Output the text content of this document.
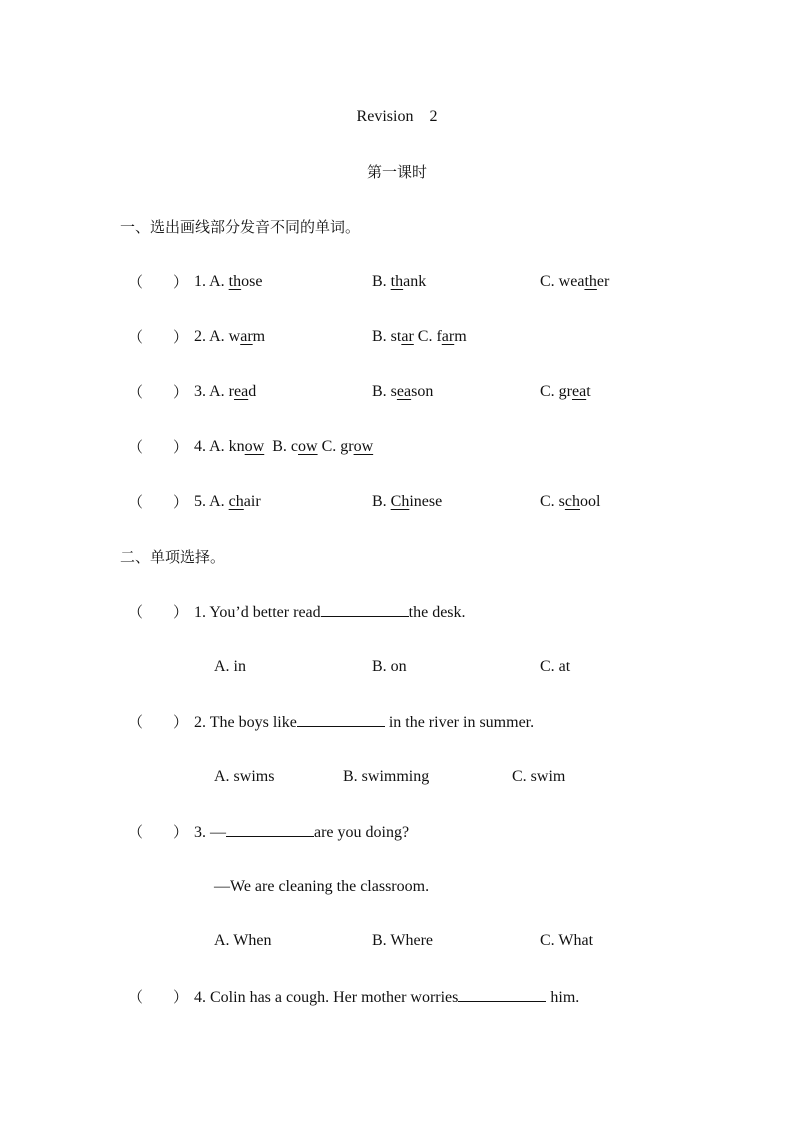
Revision    2
第一课时
一、选出画线部分发音不同的单词。
（　　） 1. A. those	B. thank	C. weather
（　　） 2. A. warm	B. star C. farm
（　　） 3. A. read	B. season	C. great
（　　） 4. A. know  B. cow C. grow
（　　） 5. A. chair	B. Chinese	C. school
二、单项选择。
（　　） 1. You’d better read	the desk.
A. in	B. on	C. at
（　　） 2. The boys like	in the river in summer.
A. swims	B. swimming	C. swim
（　　） 3. —	are you doing?
—We are cleaning the classroom.
A. When	B. Where	C. What
（　　） 4. Colin has a cough. Her mother worries	him.
